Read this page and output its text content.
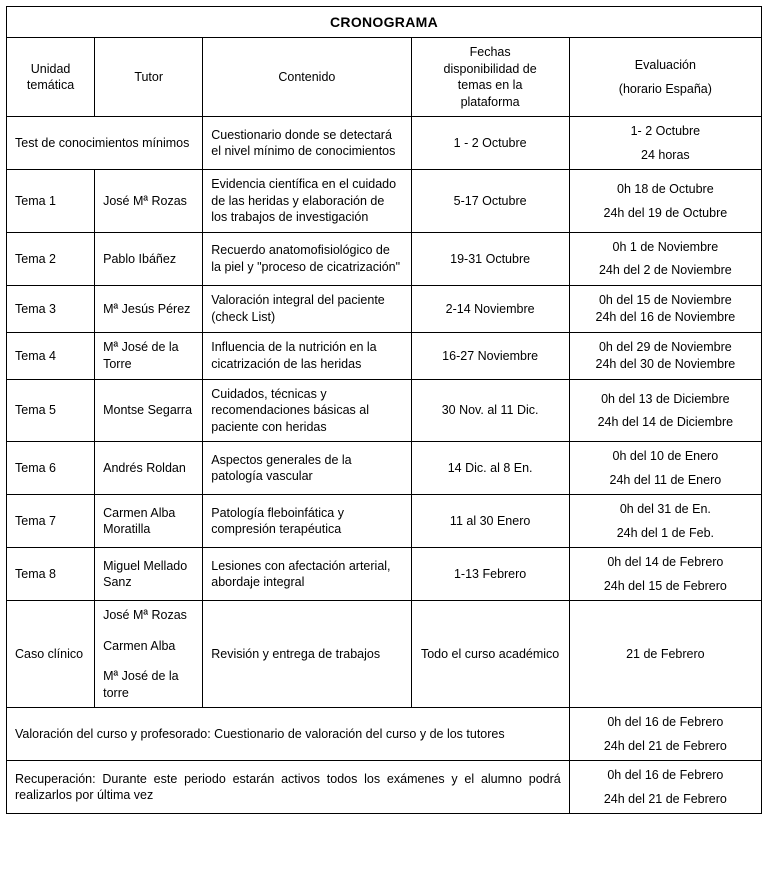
CRONOGRAMA				
Unidad
temática	Tutor	Contenido	Fechas
disponibilidad de
temas en la
plataforma	Evaluación
(horario España)

Test de conocimientos mínimos		Cuestionario donde se detectará el nivel mínimo de conocimientos	1 - 2 Octubre	1- 2 Octubre
24 horas

Tema 1	José Mª Rozas	Evidencia científica en el cuidado de las heridas y elaboración de los trabajos de investigación	5-17 Octubre	0h 18 de Octubre
24h del 19 de Octubre

Tema 2	Pablo Ibáñez	Recuerdo anatomofisiológico de la piel y "proceso de cicatrización"	19-31 Octubre	0h 1 de Noviembre
24h del 2 de Noviembre

Tema 3	Mª Jesús Pérez	Valoración integral del paciente (check List)	2-14 Noviembre	0h del 15 de Noviembre
24h del 16 de Noviembre

Tema 4	Mª José de la Torre	Influencia de la nutrición en la cicatrización de las heridas	16-27 Noviembre	0h del 29 de Noviembre
24h del 30 de Noviembre

Tema 5	Montse Segarra	Cuidados, técnicas y recomendaciones básicas al paciente con heridas	30 Nov. al 11 Dic.	0h del 13 de Diciembre
24h del 14 de Diciembre

Tema 6	Andrés Roldan	Aspectos generales de la patología vascular	14 Dic. al 8 En.	0h del 10 de Enero
24h del 11 de Enero

Tema 7	Carmen Alba Moratilla	Patología fleboinfática y compresión terapéutica	11 al 30 Enero	0h del 31 de En.
24h del 1 de Feb.

Tema 8	Miguel Mellado Sanz	Lesiones con afectación arterial, abordaje integral	1-13 Febrero	0h del 14 de Febrero
24h del 15 de Febrero

Caso clínico	José Mª Rozas
Carmen Alba
Mª José de la torre	Revisión y entrega de trabajos	Todo el curso académico	21 de Febrero
Valoración del curso y profesorado: Cuestionario de valoración del curso y de los tutores				0h del 16 de Febrero
24h del 21 de Febrero

Recuperación: Durante este periodo estarán activos todos los exámenes y el alumno podrá realizarlos por última vez				0h del 16 de Febrero
24h del 21 de Febrero
